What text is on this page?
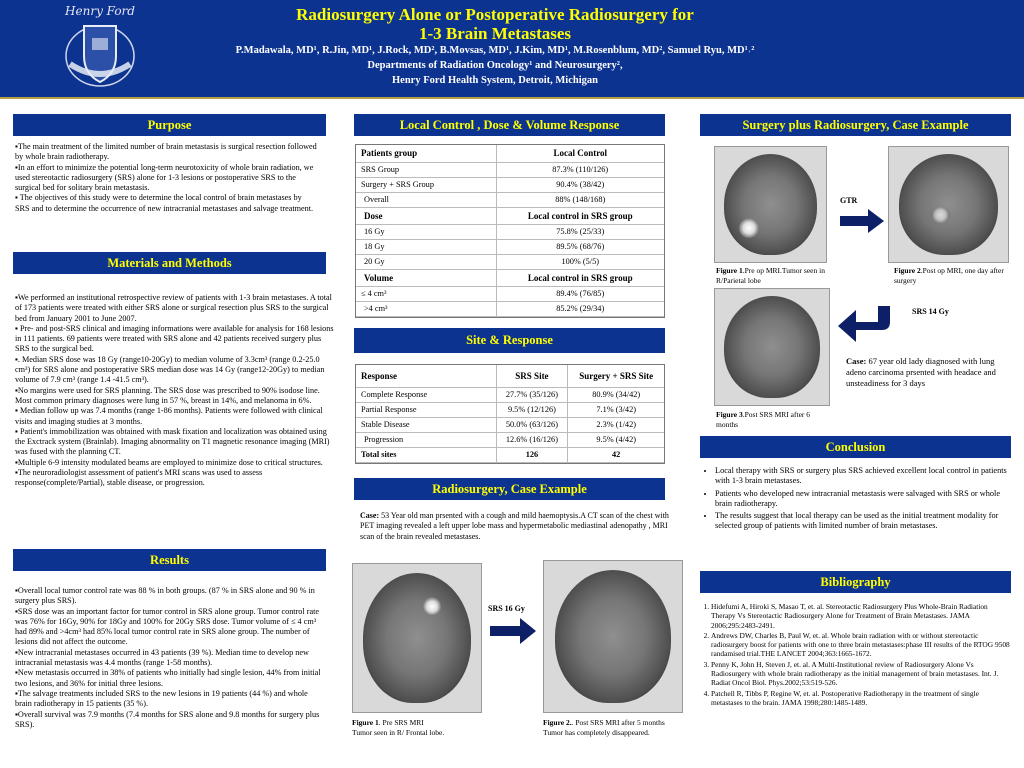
Henry Ford	Radiosurgery Alone or Postoperative Radiosurgery for
1-3 Brain Metastases
P.Madawala, MD¹, R.Jin, MD¹, J.Rock, MD², B.Movsas, MD¹, J.Kim, MD¹, M.Rosenblum, MD², Samuel Ryu, MD¹˒²
Departments of Radiation Oncology¹ and Neurosurgery²,
Henry Ford Health System, Detroit, Michigan
Purpose

▪The main treatment of the limited number of brain metastasis is surgical resection followed by whole brain radiotherapy.

▪In an effort to minimize the potential long-term neurotoxicity of whole brain radiation, we used stereotactic radiosurgery (SRS) alone for 1-3 lesions or postoperative SRS to the surgical bed for solitary brain metastasis.

▪ The objectives of this study were to determine the local control of brain metastases by SRS and to determine the occurrence of new intracranial metastases and salvage treatment.

Materials and Methods

▪We performed an institutional retrospective review of patients with 1-3 brain metastases. A total of 173 patients were treated with either SRS alone or surgical resection plus SRS to the surgical bed from January 2001 to June 2007.

▪ Pre- and post-SRS clinical and imaging informations were available for analysis for 168 lesions in 111 patients. 69 patients were treated with SRS alone and 42 patients received surgery plus SRS to the surgical bed.

▪. Median SRS dose was 18 Gy (range10-20Gy) to median volume of 3.3cm³ (range 0.2-25.0 cm³) for SRS alone and postoperative SRS median dose was 14 Gy (range12-20Gy) to median volume of 7.9 cm³ (range 1.4 -41.5 cm³).

▪No margins were used for SRS planning. The SRS dose was prescribed to 90% isodose line. Most common primary diagnoses were lung in 57 %, breast in 14%, and melanoma in 6%.

▪ Median follow up was 7.4 months (range 1-86 months). Patients were followed with clinical visits and imaging studies at 3 months.

▪ Patient's immobilization was obtained with mask fixation and localization was obtained using the Exctrack system (Brainlab). Imaging abnormality on T1 magnetic resonance imaging (MRI) was fused with the planning CT.

▪Multiple 6-9 intensity modulated beams are employed to minimize dose to critical structures.

▪The neuroradiologist assessment of patient's MRI scans was used to assess response(complete/Partial), stable disease, or progression.

Results

▪Overall local tumor control rate was 88 % in both groups. (87 % in SRS alone and 90 % in surgery plus SRS).

▪SRS dose was an important factor for tumor control in SRS alone group. Tumor control rate was 76% for 16Gy, 90% for 18Gy and 100% for 20Gy SRS dose. Tumor volume of ≤ 4 cm³ had 89% and >4cm³ had 85% local tumor control rate in SRS alone group. The number of lesions did not affect the outcome.

▪New intracranial metastases occurred in 43 patients (39 %). Median time to develop new intracranial metastasis was 4.4 months (range 1-58 months).

▪New metastasis occurred in 38% of patients who initially had single lesion, 44% from initial two lesions, and 36% for initial three lesions.

▪The salvage treatments included SRS to the new lesions in 19 patients (44 %) and whole brain radiotherapy in 15 patients (35 %).

▪Overall survival was 7.9 months (7.4 months for SRS alone and 9.8 months for surgery plus SRS).

Local Control , Dose & Volume Response
Patients group	Local Control
SRS Group	87.3% (110/126)
Surgery + SRS Group	90.4% (38/42)
Overall	88% (148/168)
Dose	Local control in SRS group
16 Gy	75.8% (25/33)
18 Gy	89.5% (68/76)
20 Gy	100% (5/5)
Volume	Local control in SRS group
≤ 4 cm³	89.4% (76/85)
>4 cm³	85.2% (29/34)
Site & Response
Response	SRS Site	Surgery + SRS Site
Complete Response	27.7% (35/126)	80.9% (34/42)
Partial Response	9.5% (12/126)	7.1% (3/42)
Stable Disease	50.0% (63/126)	2.3% (1/42)
Progression	12.6% (16/126)	9.5% (4/42)
Total sites	126	42
Radiosurgery, Case Example
Case: 53 Year old man prsented with a cough and mild haemoptysis.A CT scan of the chest with PET imaging revealed a left upper lobe mass and hypermetabolic mediastinal adenopathy , MRI scan of the brain revealed metastases.
SRS 16 Gy
Figure 1. Pre SRS MRI
Tumor seen in R/ Frontal lobe.
Figure 2.. Post SRS MRI after 5 months
Tumor has completely disappeared.
Surgery plus Radiosurgery, Case Example
GTR
Figure 1.Pre op MRI.Tumor seen in R/Parietal lobe
Figure 2.Post op MRI, one day after surgery
SRS 14 Gy
Case: 67 year old lady diagnosed with lung adeno carcinoma prsented with headace and unsteadiness for 3 days
Figure 3.Post SRS MRI after 6 months
Conclusion
• Local therapy with SRS or surgery plus SRS achieved excellent local control in patients with 1-3 brain metastases.
• Patients who developed new intracranial metastasis were salvaged with SRS or whole brain radiotherapy.
• The results suggest that local therapy can be used as the initial treatment modality for selected group of patients with limited number of brain metastases.
Bibliography
1. Hidefumi A, Hiroki S, Masao T, et. al. Stereotactic Radiosurgery Plus Whole-Brain Radiation Therapy Vs Stereotactic Radiosurgery Alone for Treatment of Brain Metastases. JAMA 2006;295:2483-2491.
2. Andrews DW, Charles B, Paul W, et. al. Whole brain radiation with or without stereotactic radiosurgery boost for patients with one to three brain metastases:phase III results of the RTOG 9508 randamised trial.THE LANCET 2004;363:1665-1672.
3. Penny K, John H, Steven J, et. al. A Multi-Institutional review of Radiosurgery Alone Vs Radiosurgery with whole brain radiotherapy as the initial management of brain metastases. Int. J. Radiat Oncol Biol. Phys.2002;53:519-526.
4. Patchell R, Tibbs P, Regine W, et. al. Postoperative Radiotherapy in the treatment of single metastases to the brain. JAMA 1998;280:1485-1489.
